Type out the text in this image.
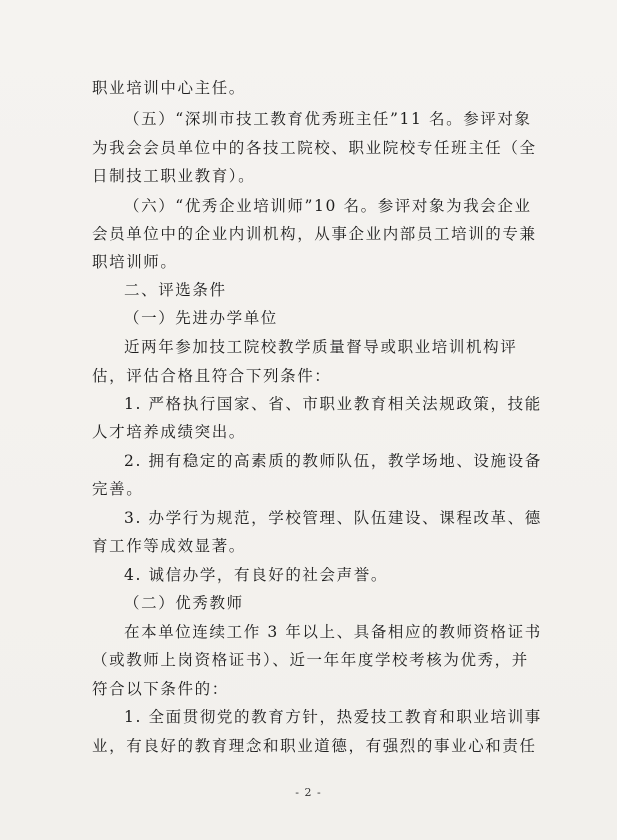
职业培训中心主任。
（五）“深圳市技工教育优秀班主任”11 名。参评对象
为我会会员单位中的各技工院校、职业院校专任班主任（全
日制技工职业教育）。
（六）“优秀企业培训师”10 名。参评对象为我会企业
会员单位中的企业内训机构，从事企业内部员工培训的专兼
职培训师。
二、评选条件
（一）先进办学单位
近两年参加技工院校教学质量督导或职业培训机构评
估，评估合格且符合下列条件：
1. 严格执行国家、省、市职业教育相关法规政策，技能
人才培养成绩突出。
2. 拥有稳定的高素质的教师队伍，教学场地、设施设备
完善。
3. 办学行为规范，学校管理、队伍建设、课程改革、德
育工作等成效显著。
4. 诚信办学，有良好的社会声誉。
（二）优秀教师
在本单位连续工作 3 年以上、具备相应的教师资格证书
（或教师上岗资格证书）、近一年年度学校考核为优秀，并
符合以下条件的：
1. 全面贯彻党的教育方针，热爱技工教育和职业培训事
业，有良好的教育理念和职业道德，有强烈的事业心和责任
- 2 -
